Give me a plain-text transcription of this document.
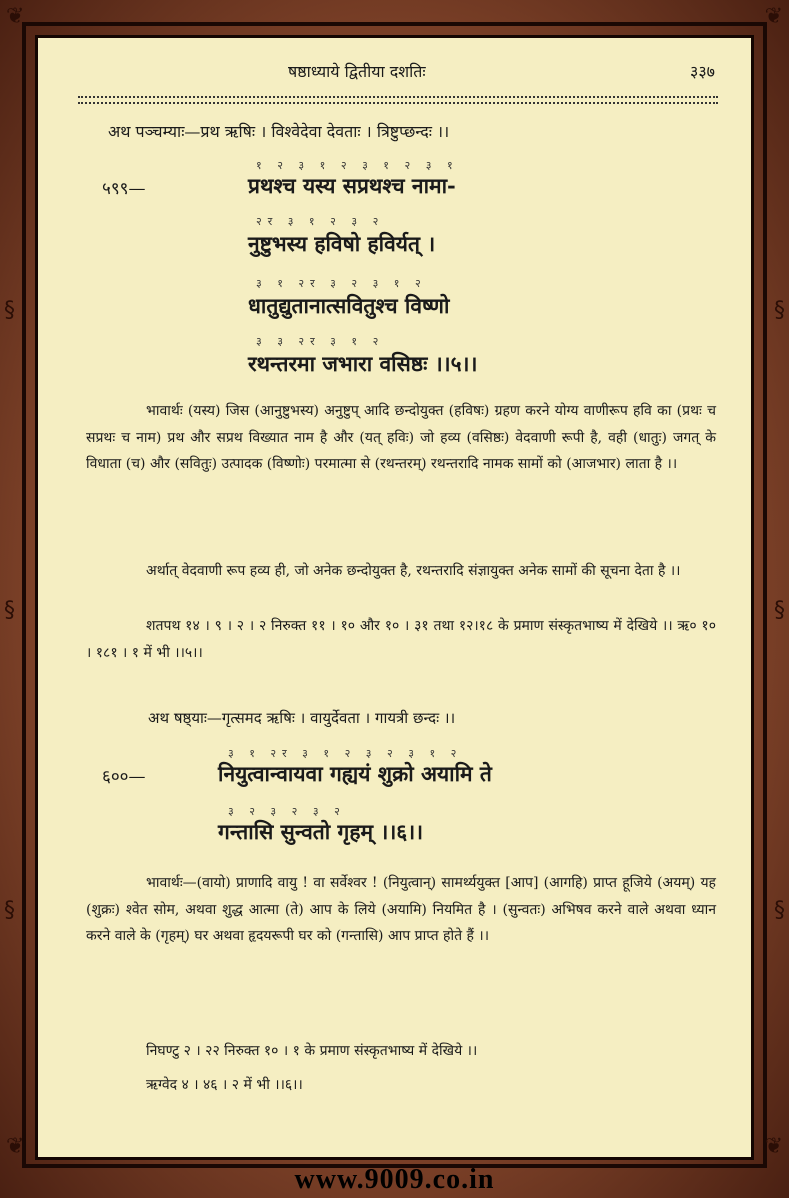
❦	❦
❦	❦
§
§
§
§
§
§
षष्ठाध्याये द्वितीया दशतिः	३३७
अथ पञ्चम्याः—प्रथ ऋषिः । विश्वेदेवा देवताः । त्रिष्टुप्छन्दः ।।
५९९—
१ २ ३ १ २ ३ १ २ ३ १
प्रथश्च यस्य सप्रथश्च नामा-
२र ३ १ २ ३ २
नुष्टुभस्य हविषो हविर्यत् ।
३ १ २र ३ २ ३ १ २
धातुद्युतानात्सवितुश्च विष्णो
३ ३ २र ३ १ २
रथन्तरमा जभारा वसिष्ठः ।।५।।
भावार्थः (यस्य) जिस (आनुष्टुभस्य) अनुष्टुप् आदि छन्दोयुक्त (हविषः) ग्रहण करने योग्य वाणीरूप हवि का (प्रथः च सप्रथः च नाम) प्रथ और सप्रथ विख्यात नाम है और (यत् हविः) जो हव्य (वसिष्ठः) वेदवाणी रूपी है, वही (धातुः) जगत् के विधाता (च) और (सवितुः) उत्पादक (विष्णोः) परमात्मा से (रथन्तरम्) रथन्तरादि नामक सामों को (आजभार) लाता है ।।
अर्थात् वेदवाणी रूप हव्य ही, जो अनेक छन्दोयुक्त है, रथन्तरादि संज्ञायुक्त अनेक सामों की सूचना देता है ।।
शतपथ १४ । ९ । २ । २ निरुक्त ११ । १० और १० । ३१ तथा १२।१८ के प्रमाण संस्कृतभाष्य में देखिये ।। ऋ० १० । १८१ । १ में भी ।।५।।
अथ षष्ठ्याः—गृत्समद ऋषिः । वायुर्देवता । गायत्री छन्दः ।।
६००—
३ १ २र ३ १ २ ३ २ ३ १ २
नियुत्वान्वायवा गह्ययं शुक्रो अयामि ते
३ २ ३ २ ३ २
गन्तासि सुन्वतो गृहम् ।।६।।
भावार्थः—(वायो) प्राणादि वायु ! वा सर्वेश्वर ! (नियुत्वान्) सामर्थ्ययुक्त [आप] (आगहि) प्राप्त हूजिये (अयम्) यह (शुक्रः) श्वेत सोम, अथवा शुद्ध आत्मा (ते) आप के लिये (अयामि) नियमित है । (सुन्वतः) अभिषव करने वाले अथवा ध्यान करने वाले के (गृहम्) घर अथवा हृदयरूपी घर को (गन्तासि) आप प्राप्त होते हैं ।।
निघण्टु २ । २२ निरुक्त १० । १ के प्रमाण संस्कृतभाष्य में देखिये ।।
ऋग्वेद ४ । ४६ । २ में भी ।।६।।
www.9009.co.in
